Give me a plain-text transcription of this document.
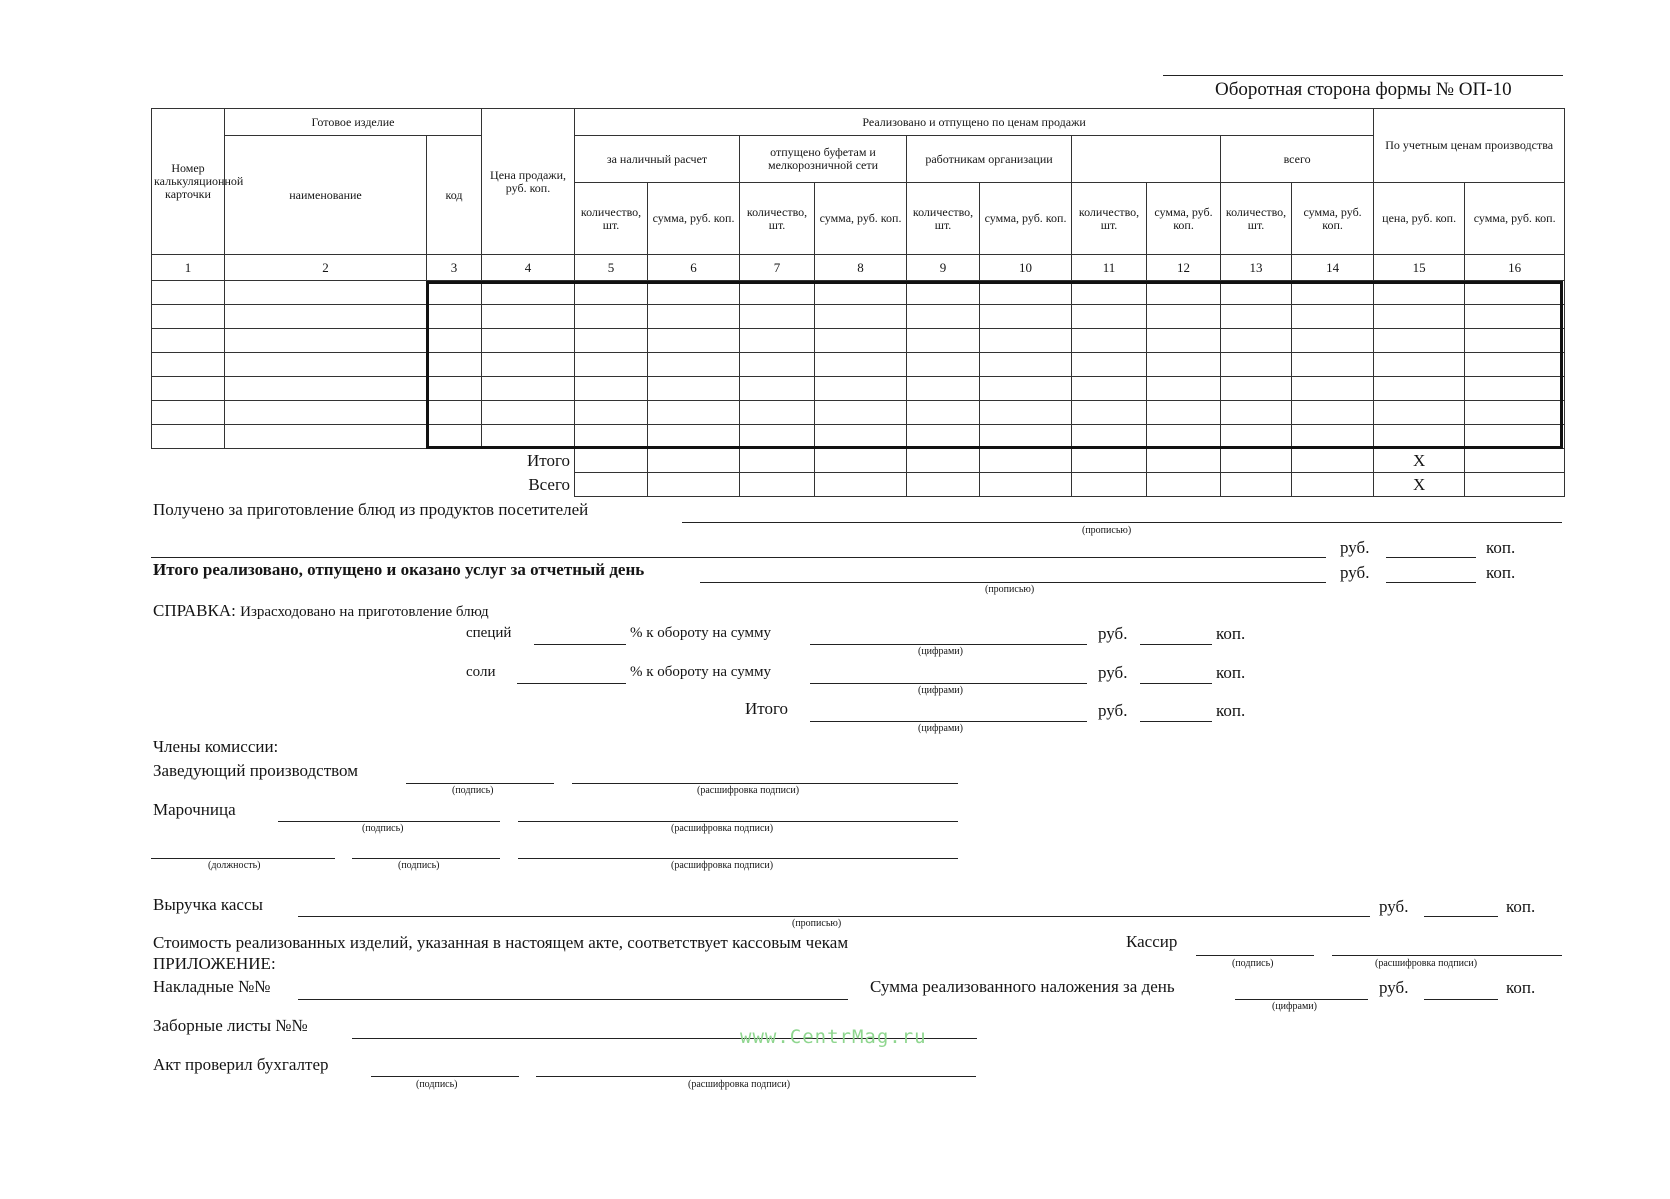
Оборотная сторона формы № ОП-10
Номер калькуляционной карточки	Готовое изделие		Цена продажи, руб. коп.	Реализовано и отпущено по ценам продажи										По учетным ценам производства	
	наименование	код		за наличный расчет		отпущено буфетам и мелкорозничной сети		работникам организации				всего			
				количество, шт.	сумма, руб. коп.	количество, шт.	сумма, руб. коп.	количество, шт.	сумма, руб. коп.	количество, шт.	сумма, руб. коп.	количество, шт.	сумма, руб. коп.	цена, руб. коп.	сумма, руб. коп.
1	2	3	4	5	6	7	8	9	10	11	12	13	14	15	16

			Итого											X	
			Всего											X	
Получено за приготовление блюд из продуктов посетителей
(прописью)
руб.	коп.
Итого реализовано, отпущено и оказано услуг за отчетный день
(прописью)
руб.	коп.
СПРАВКА: Израсходовано на приготовление блюд
специй	% к обороту на сумму
(цифрами)
руб.	коп.
соли	% к обороту на сумму
(цифрами)
руб.	коп.
Итого
(цифрами)
руб.	коп.
Члены комиссии:
Заведующий производством
(подпись)	(расшифровка подписи)
Марочница
(подпись)	(расшифровка подписи)
(должность)	(подпись)	(расшифровка подписи)
Выручка кассы
(прописью)
руб.	коп.
Стоимость реализованных изделий, указанная в настоящем акте, соответствует кассовым чекам	Кассир
(подпись)	(расшифровка подписи)
ПРИЛОЖЕНИЕ:
Накладные №№	Сумма реализованного наложения за день
(цифрами)
руб.	коп.
Заборные листы №№
Акт проверил бухгалтер
(подпись)	(расшифровка подписи)
www.CentrMag.ru
